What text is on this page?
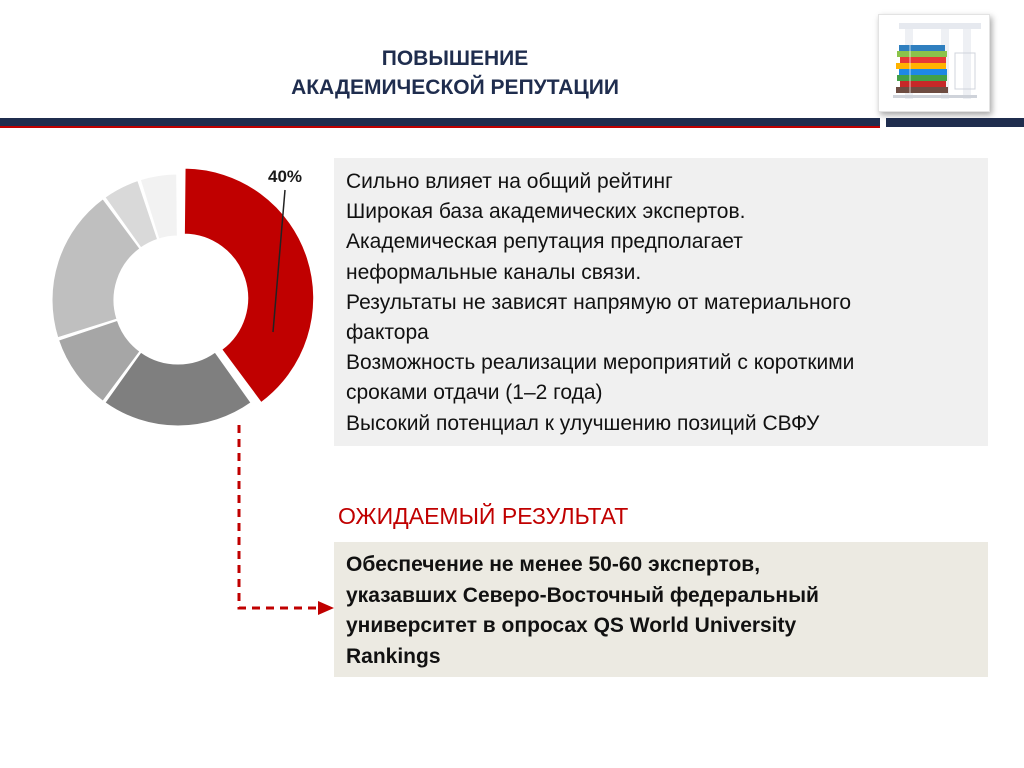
ПОВЫШЕНИЕ
АКАДЕМИЧЕСКОЙ РЕПУТАЦИИ
40% Сильно влияет на общий рейтинг
Широкая база академических экспертов.
Академическая репутация предполагает
неформальные каналы связи.
Результаты не зависят напрямую от материального
фактора
Возможность реализации мероприятий с короткими
сроками отдачи (1–2 года)
Высокий потенциал к улучшению позиций СВФУ
ОЖИДАЕМЫЙ РЕЗУЛЬТАТ
Обеспечение не менее 50-60 экспертов,
указавших Северо-Восточный федеральный
университет в опросах QS World University
Rankings
